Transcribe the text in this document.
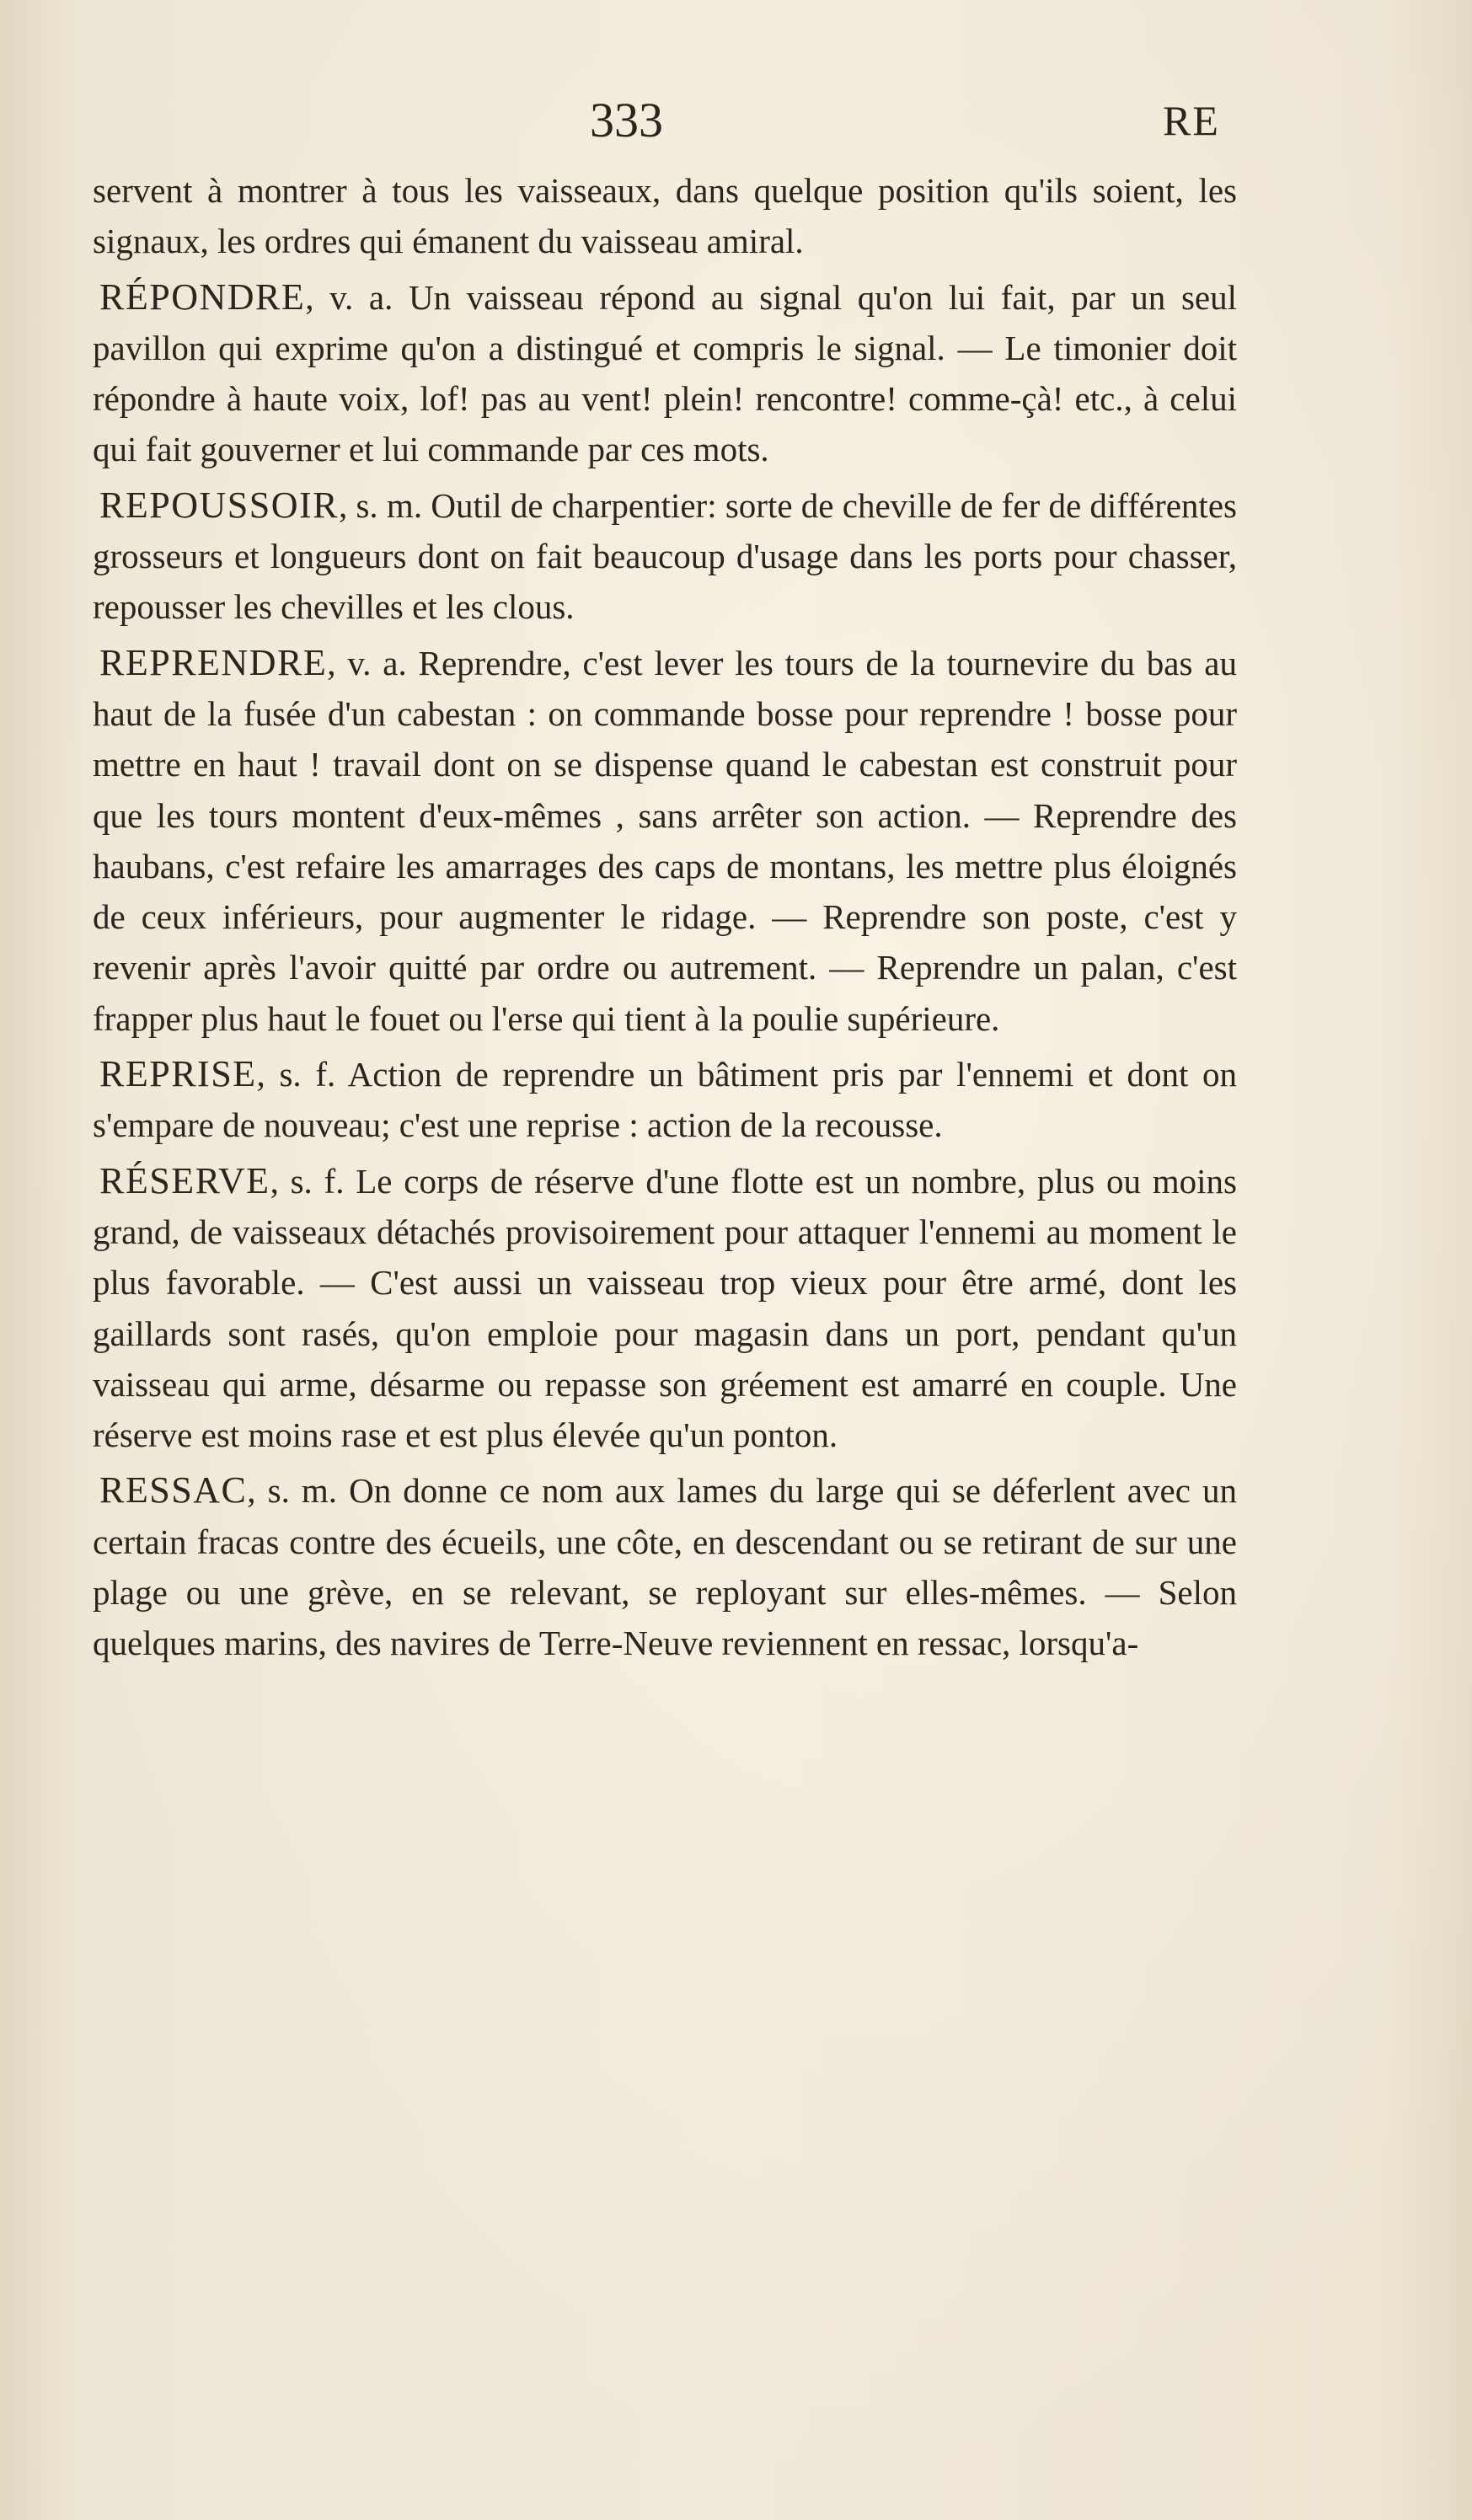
333	RE

servent à montrer à tous les vaisseaux, dans quelque position qu'ils soient, les signaux, les ordres qui émanent du vaisseau amiral.

RÉPONDRE, v. a. Un vaisseau répond au signal qu'on lui fait, par un seul pavillon qui exprime qu'on a distingué et compris le signal. — Le timonier doit répondre à haute voix, lof! pas au vent! plein! rencontre! comme-çà! etc., à celui qui fait gouverner et lui commande par ces mots.

REPOUSSOIR, s. m. Outil de charpentier: sorte de cheville de fer de différentes grosseurs et longueurs dont on fait beaucoup d'usage dans les ports pour chasser, repousser les chevilles et les clous.

REPRENDRE, v. a. Reprendre, c'est lever les tours de la tournevire du bas au haut de la fusée d'un cabestan : on commande bosse pour reprendre ! bosse pour mettre en haut ! travail dont on se dispense quand le cabestan est construit pour que les tours montent d'eux-mêmes , sans arrêter son action. — Reprendre des haubans, c'est refaire les amarrages des caps de montans, les mettre plus éloignés de ceux inférieurs, pour augmenter le ridage. — Reprendre son poste, c'est y revenir après l'avoir quitté par ordre ou autrement. — Reprendre un palan, c'est frapper plus haut le fouet ou l'erse qui tient à la poulie supérieure.

REPRISE, s. f. Action de reprendre un bâtiment pris par l'ennemi et dont on s'empare de nouveau; c'est une reprise : action de la recousse.

RÉSERVE, s. f. Le corps de réserve d'une flotte est un nombre, plus ou moins grand, de vaisseaux détachés provisoirement pour attaquer l'ennemi au moment le plus favorable. — C'est aussi un vaisseau trop vieux pour être armé, dont les gaillards sont rasés, qu'on emploie pour magasin dans un port, pendant qu'un vaisseau qui arme, désarme ou repasse son gréement est amarré en couple. Une réserve est moins rase et est plus élevée qu'un ponton.

RESSAC, s. m. On donne ce nom aux lames du large qui se déferlent avec un certain fracas contre des écueils, une côte, en descendant ou se retirant de sur une plage ou une grève, en se relevant, se reployant sur elles-mêmes. — Selon quelques marins, des navires de Terre-Neuve reviennent en ressac, lorsqu'a-
